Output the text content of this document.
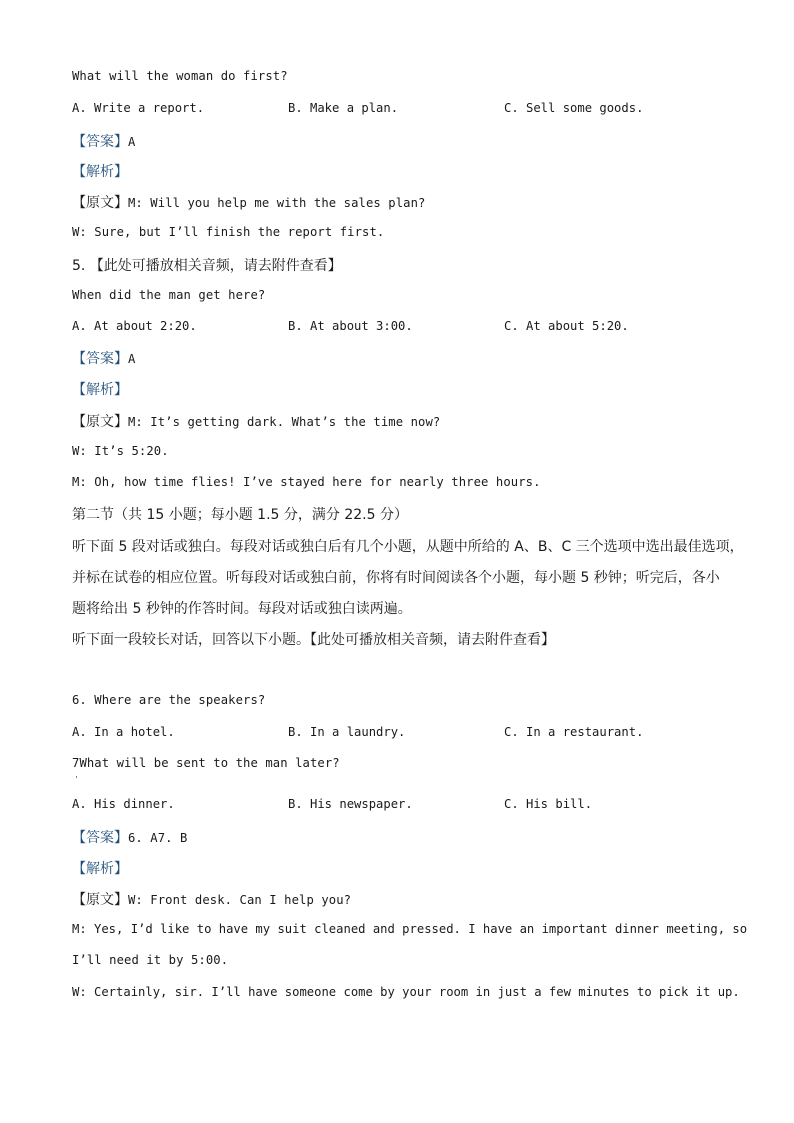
What will the woman do first?
A. Write a report.	B. Make a plan.	C. Sell some goods.
【答案】A
【解析】
【原文】M: Will you help me with the sales plan?
W: Sure, but I’ll finish the report first.
5. 【此处可播放相关音频，请去附件查看】
When did the man get here?
A. At about 2:20.	B. At about 3:00.	C. At about 5:20.
【答案】A
【解析】
【原文】M: It’s getting dark. What’s the time now?
W: It’s 5:20.
M: Oh, how time flies! I’ve stayed here for nearly three hours.
第二节（共 15 小题；每小题 1.5 分，满分 22.5 分）
听下面 5 段对话或独白。每段对话或独白后有几个小题，从题中所给的 A、B、C 三个选项中选出最佳选项，
并标在试卷的相应位置。听每段对话或独白前，你将有时间阅读各个小题，每小题 5 秒钟；听完后，各小
题将给出 5 秒钟的作答时间。每段对话或独白读两遍。
听下面一段较长对话，回答以下小题。【此处可播放相关音频，请去附件查看】
6. Where are the speakers?
A. In a hotel.	B. In a laundry.	C. In a restaurant.
7What will be sent to the man later?
'
A. His dinner.	B. His newspaper.	C. His bill.
【答案】6. A7. B
【解析】
【原文】W: Front desk. Can I help you?
M: Yes, I’d like to have my suit cleaned and pressed. I have an important dinner meeting, so
I’ll need it by 5:00.
W: Certainly, sir. I’ll have someone come by your room in just a few minutes to pick it up.
